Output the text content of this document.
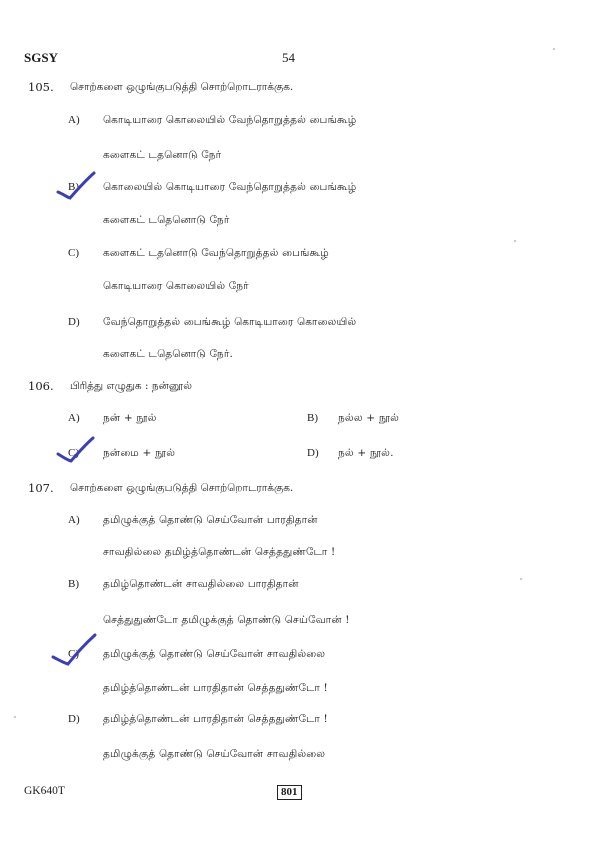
SGSY	54
105. சொற்களை ஒழுங்குபடுத்தி சொற்றொடராக்குக.
A) கொடியாரை கொலையில் வேந்தொறுத்தல் பைங்கூழ்
களைகட் டதனொடு நேர்
B) கொலையில் கொடியாரை வேந்தொறுத்தல் பைங்கூழ்
களைகட் டதெனொடு நேர்
C) களைகட் டதனொடு வேந்தொறுத்தல் பைங்கூழ்
கொடியாரை கொலையில் நேர்
D) வேந்தொறுத்தல் பைங்கூழ் கொடியாரை கொலையில்
களைகட் டதெனொடு நேர்.
106. பிரித்து எழுதுக : நன்னூல்
A) நன் + நூல்	B) நல்ல + நூல்
C) நன்மை + நூல்	D) நல் + நூல்.
107. சொற்களை ஒழுங்குபடுத்தி சொற்றொடராக்குக.
A) தமிழுக்குத் தொண்டு செய்வோன் பாரதிதான்
சாவதில்லை தமிழ்த்தொண்டன் செத்ததுண்டோ !
B) தமிழ்தொண்டன் சாவதில்லை பாரதிதான்
செத்துதுண்டோ தமிழுக்குத் தொண்டு செய்வோன் !
C) தமிழுக்குத் தொண்டு செய்வோன் சாவதில்லை
தமிழ்த்தொண்டன் பாரதிதான் செத்ததுண்டோ !
D) தமிழ்த்தொண்டன் பாரதிதான் செத்ததுண்டோ !
தமிழுக்குத் தொண்டு செய்வோன் சாவதில்லை
GK640T	801
